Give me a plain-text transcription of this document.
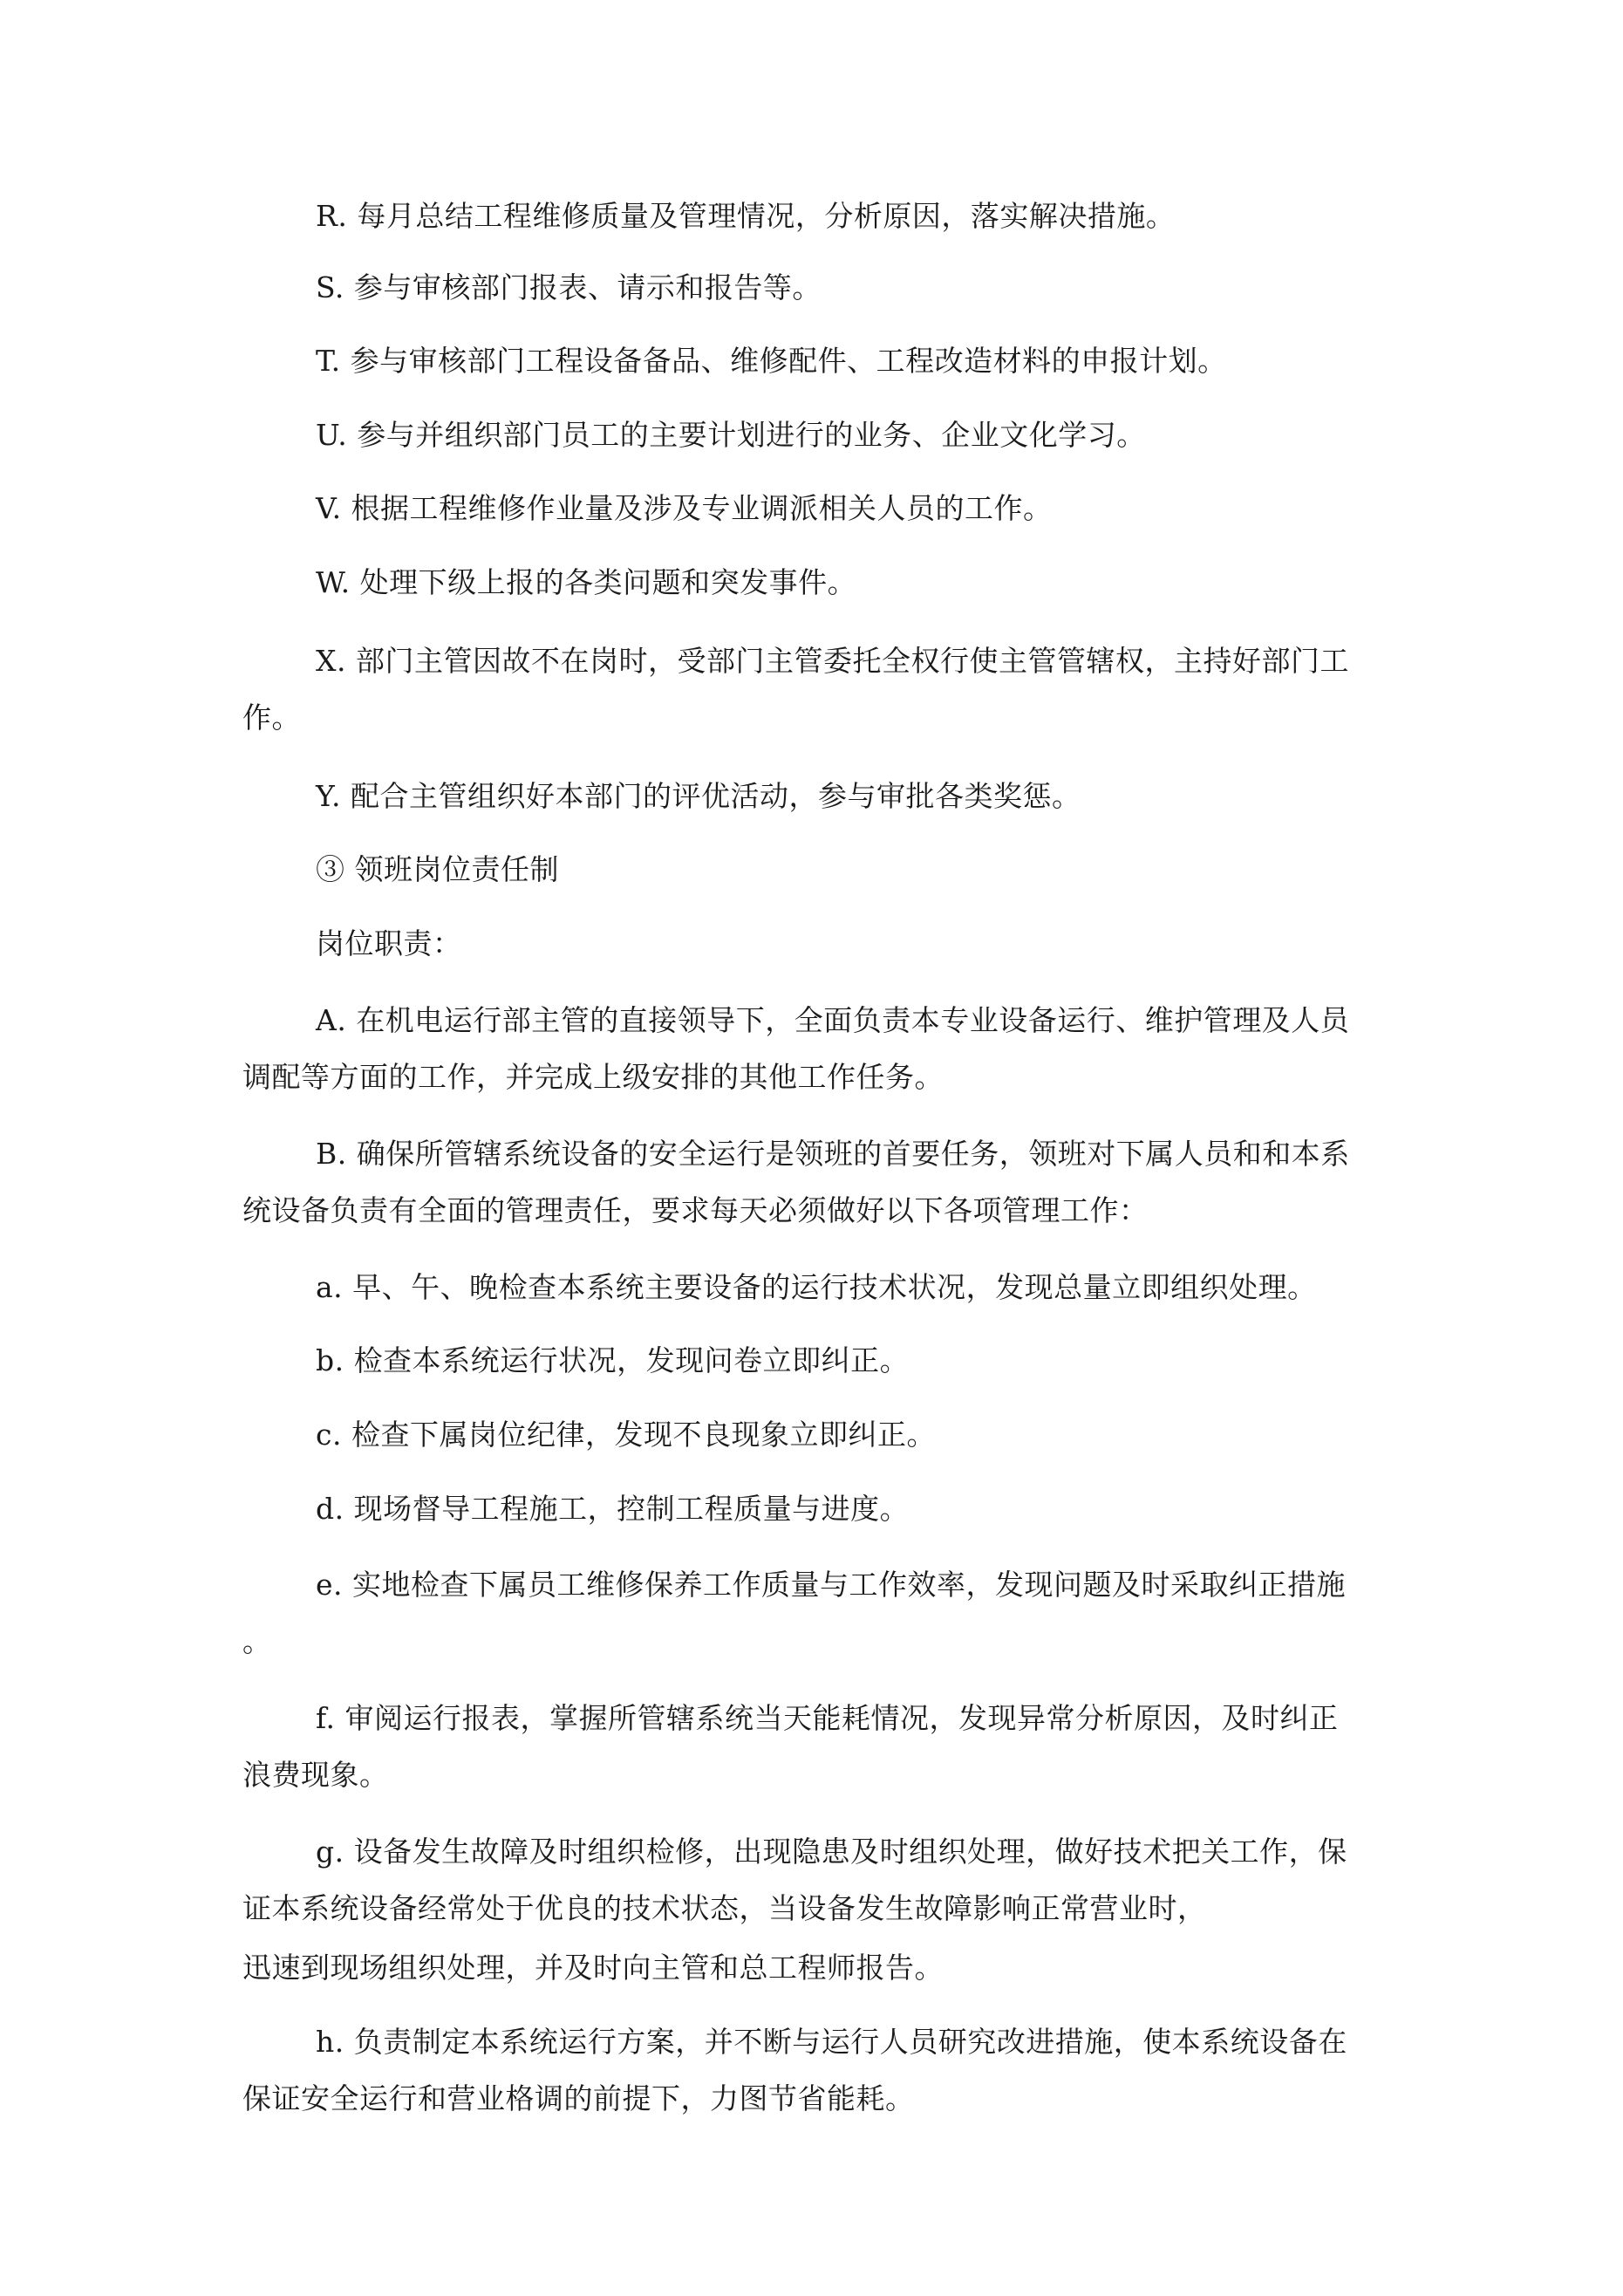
R. 每月总结工程维修质量及管理情况，分析原因，落实解决措施。
S. 参与审核部门报表、请示和报告等。
T. 参与审核部门工程设备备品、维修配件、工程改造材料的申报计划。
U. 参与并组织部门员工的主要计划进行的业务、企业文化学习。
V. 根据工程维修作业量及涉及专业调派相关人员的工作。
W. 处理下级上报的各类问题和突发事件。
X. 部门主管因故不在岗时，受部门主管委托全权行使主管管辖权，主持好部门工
作。
Y. 配合主管组织好本部门的评优活动，参与审批各类奖惩。
③ 领班岗位责任制
岗位职责：
A. 在机电运行部主管的直接领导下，全面负责本专业设备运行、维护管理及人员
调配等方面的工作，并完成上级安排的其他工作任务。
B. 确保所管辖系统设备的安全运行是领班的首要任务，领班对下属人员和和本系
统设备负责有全面的管理责任，要求每天必须做好以下各项管理工作：
a. 早、午、晚检查本系统主要设备的运行技术状况，发现总量立即组织处理。
b. 检查本系统运行状况，发现问卷立即纠正。
c. 检查下属岗位纪律，发现不良现象立即纠正。
d. 现场督导工程施工，控制工程质量与进度。
e. 实地检查下属员工维修保养工作质量与工作效率，发现问题及时采取纠正措施
。
f. 审阅运行报表，掌握所管辖系统当天能耗情况，发现异常分析原因，及时纠正
浪费现象。
g. 设备发生故障及时组织检修，出现隐患及时组织处理，做好技术把关工作，保
证本系统设备经常处于优良的技术状态，当设备发生故障影响正常营业时，
迅速到现场组织处理，并及时向主管和总工程师报告。
h. 负责制定本系统运行方案，并不断与运行人员研究改进措施，使本系统设备在
保证安全运行和营业格调的前提下，力图节省能耗。
